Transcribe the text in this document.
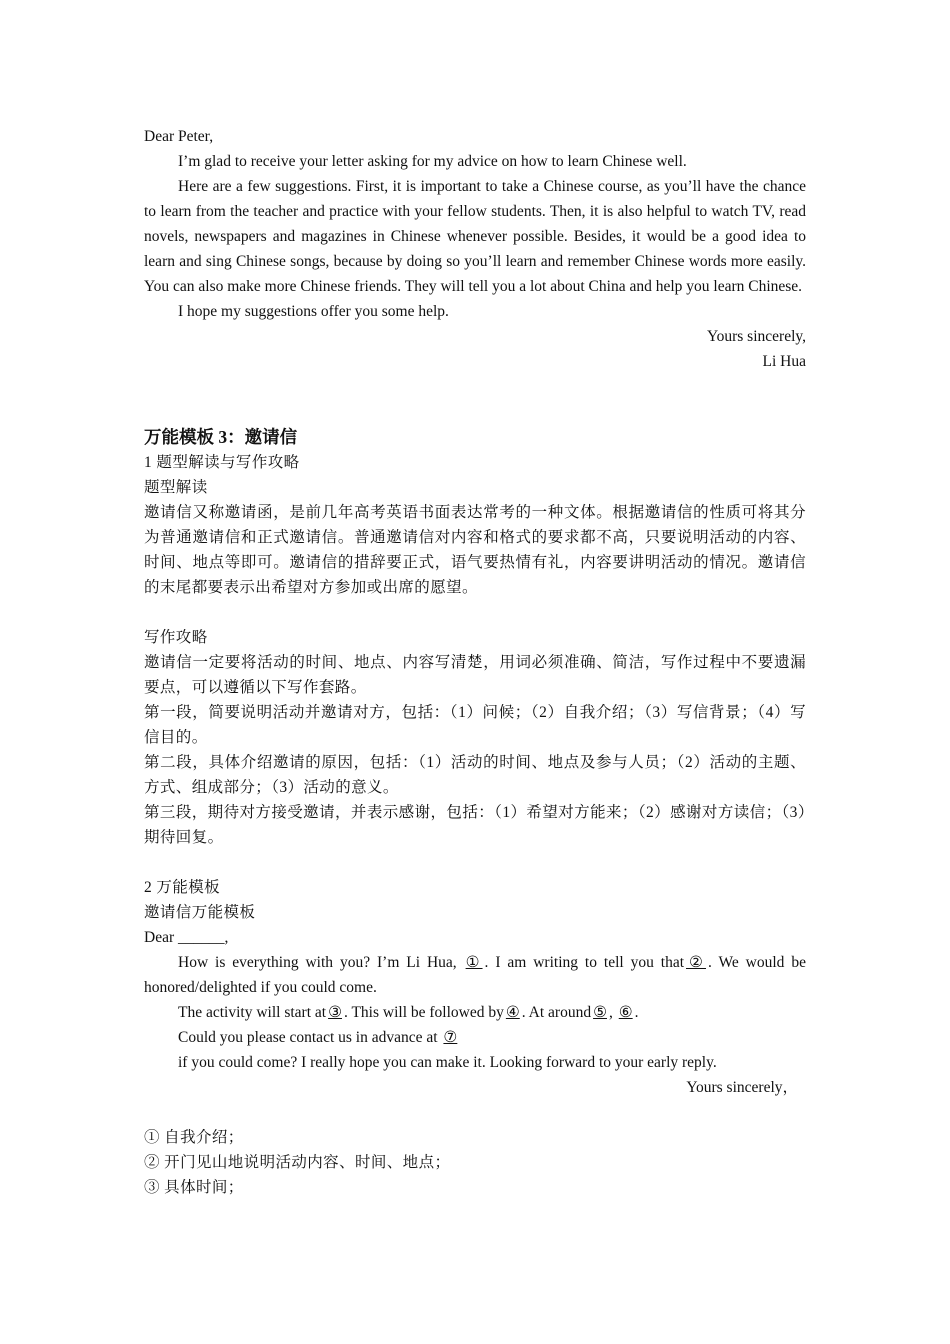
Dear Peter,

I’m glad to receive your letter asking for my advice on how to learn Chinese well.

Here are a few suggestions. First, it is important to take a Chinese course, as you’ll have the chance to learn from the teacher and practice with your fellow students. Then, it is also helpful to watch TV, read novels, newspapers and magazines in Chinese whenever possible. Besides, it would be a good idea to learn and sing Chinese songs, because by doing so you’ll learn and remember Chinese words more easily. You can also make more Chinese friends. They will tell you a lot about China and help you learn Chinese.

I hope my suggestions offer you some help.

Yours sincerely,

Li Hua

万能模板 3：邀请信

1 题型解读与写作攻略

题型解读

邀请信又称邀请函，是前几年高考英语书面表达常考的一种文体。根据邀请信的性质可将其分为普通邀请信和正式邀请信。普通邀请信对内容和格式的要求都不高，只要说明活动的内容、时间、地点等即可。邀请信的措辞要正式，语气要热情有礼，内容要讲明活动的情况。邀请信的末尾都要表示出希望对方参加或出席的愿望。

写作攻略

邀请信一定要将活动的时间、地点、内容写清楚，用词必须准确、简洁，写作过程中不要遗漏要点，可以遵循以下写作套路。

第一段，简要说明活动并邀请对方，包括：（1）问候；（2）自我介绍；（3）写信背景；（4）写信目的。

第二段，具体介绍邀请的原因，包括：（1）活动的时间、地点及参与人员；（2）活动的主题、方式、组成部分；（3）活动的意义。

第三段，期待对方接受邀请，并表示感谢，包括：（1）希望对方能来；（2）感谢对方读信；（3）期待回复。

2 万能模板

邀请信万能模板

Dear ______,

How is everything with you? I’m Li Hua, ① . I am writing to tell you that ② . We would be honored/delighted if you could come.

The activity will start at ③ . This will be followed by ④ . At around ⑤ , ⑥ .

Could you please contact us in advance at ⑦

if you could come? I really hope you can make it. Looking forward to your early reply.

Yours sincerely，

① 自我介绍；

② 开门见山地说明活动内容、时间、地点；

③ 具体时间；
